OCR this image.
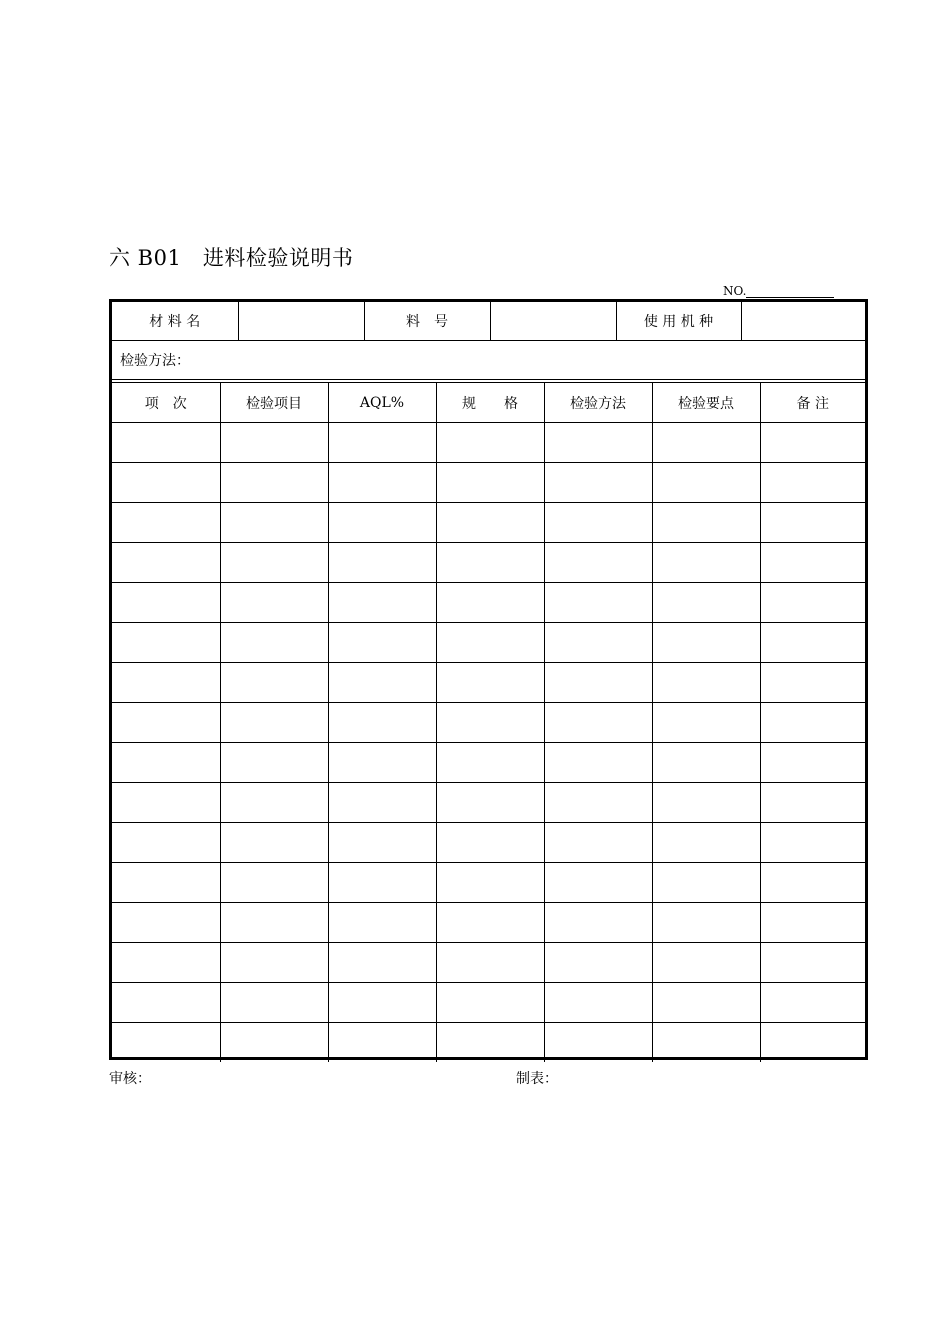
六 B01　进料检验说明书
NO.
材 料 名		料　号		使 用 机 种	
检验方法：
项　次	检验项目	AQL%	规　　格	检验方法	检验要点	备 注

审核：	制表：
